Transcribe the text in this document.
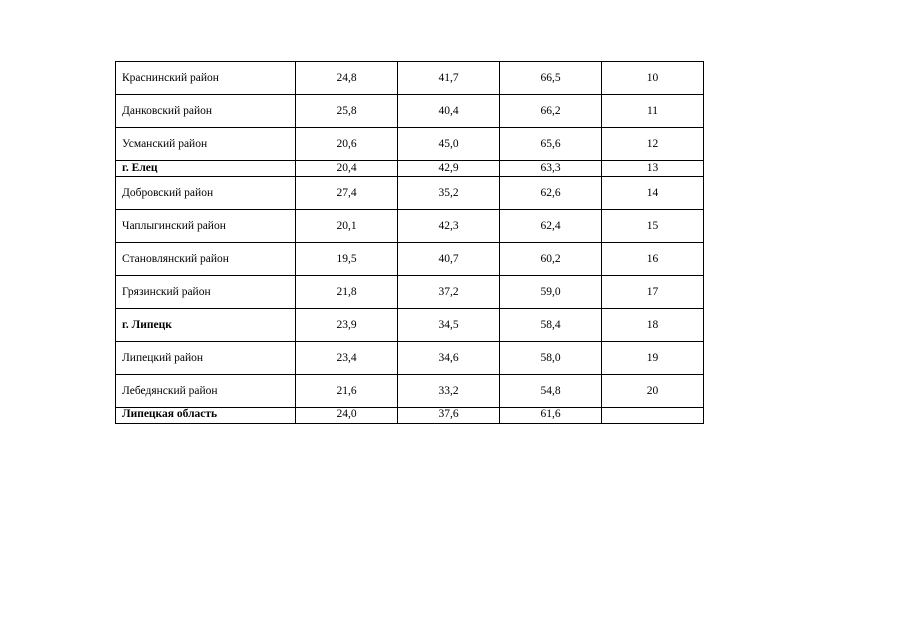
Краснинский район	24,8	41,7	66,5	10
Данковский район	25,8	40,4	66,2	11
Усманский район	20,6	45,0	65,6	12
г. Елец	20,4	42,9	63,3	13
Добровский район	27,4	35,2	62,6	14
Чаплыгинский район	20,1	42,3	62,4	15
Становлянский район	19,5	40,7	60,2	16
Грязинский район	21,8	37,2	59,0	17
г. Липецк	23,9	34,5	58,4	18
Липецкий район	23,4	34,6	58,0	19
Лебедянский район	21,6	33,2	54,8	20
Липецкая область	24,0	37,6	61,6	
